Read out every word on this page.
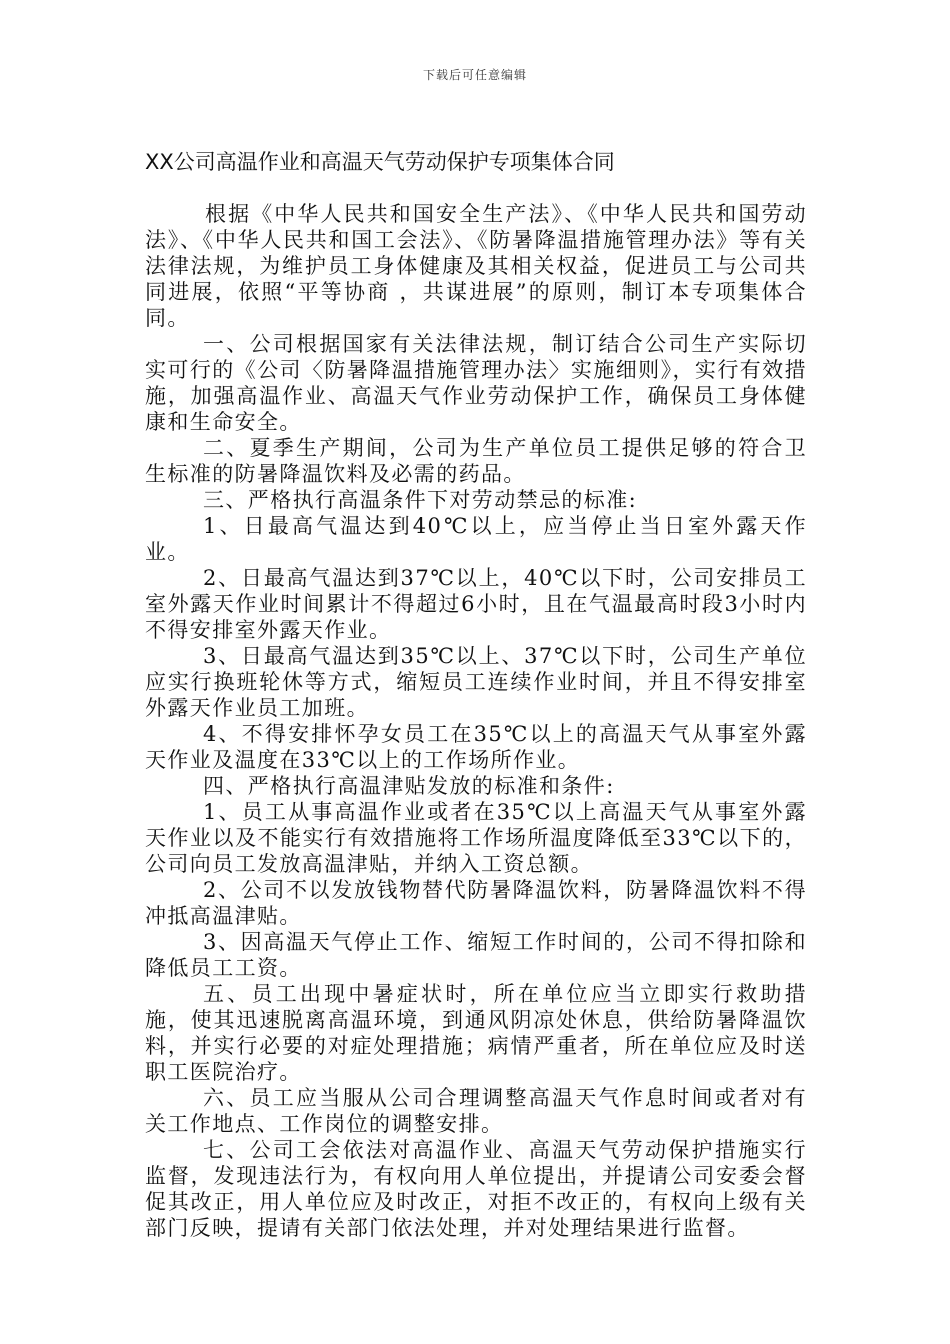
下载后可任意编辑
XX公司高温作业和高温天气劳动保护专项集体合同

根据《中华人民共和国安全生产法》、《中华人民共和国劳动法》、《中华人民共和国工会法》、《防暑降温措施管理办法》等有关法律法规，为维护员工身体健康及其相关权益，促进员工与公司共同进展，依照“平等协商 ，共谋进展”的原则，制订本专项集体合同。

一、公司根据国家有关法律法规，制订结合公司生产实际切实可行的《公司〈防暑降温措施管理办法〉实施细则》，实行有效措施，加强高温作业、高温天气作业劳动保护工作，确保员工身体健康和生命安全。

二、夏季生产期间，公司为生产单位员工提供足够的符合卫生标准的防暑降温饮料及必需的药品。

三、严格执行高温条件下对劳动禁忌的标准:

1、日最高气温达到40℃以上，应当停止当日室外露天作业。

2、日最高气温达到37℃以上，40℃以下时，公司安排员工室外露天作业时间累计不得超过6小时，且在气温最高时段3小时内不得安排室外露天作业。

3、日最高气温达到35℃以上、37℃以下时，公司生产单位应实行换班轮休等方式，缩短员工连续作业时间，并且不得安排室外露天作业员工加班。

4、不得安排怀孕女员工在35℃以上的高温天气从事室外露天作业及温度在33℃以上的工作场所作业。

四、严格执行高温津贴发放的标准和条件:

1、员工从事高温作业或者在35℃以上高温天气从事室外露天作业以及不能实行有效措施将工作场所温度降低至33℃以下的，公司向员工发放高温津贴，并纳入工资总额。

2、公司不以发放钱物替代防暑降温饮料，防暑降温饮料不得冲抵高温津贴。

3、因高温天气停止工作、缩短工作时间的，公司不得扣除和降低员工工资。

五、员工出现中暑症状时，所在单位应当立即实行救助措施，使其迅速脱离高温环境，到通风阴凉处休息，供给防暑降温饮料，并实行必要的对症处理措施；病情严重者，所在单位应及时送职工医院治疗。

六、员工应当服从公司合理调整高温天气作息时间或者对有关工作地点、工作岗位的调整安排。

七、公司工会依法对高温作业、高温天气劳动保护措施实行监督，发现违法行为，有权向用人单位提出，并提请公司安委会督促其改正，用人单位应及时改正，对拒不改正的，有权向上级有关部门反映，提请有关部门依法处理，并对处理结果进行监督。
